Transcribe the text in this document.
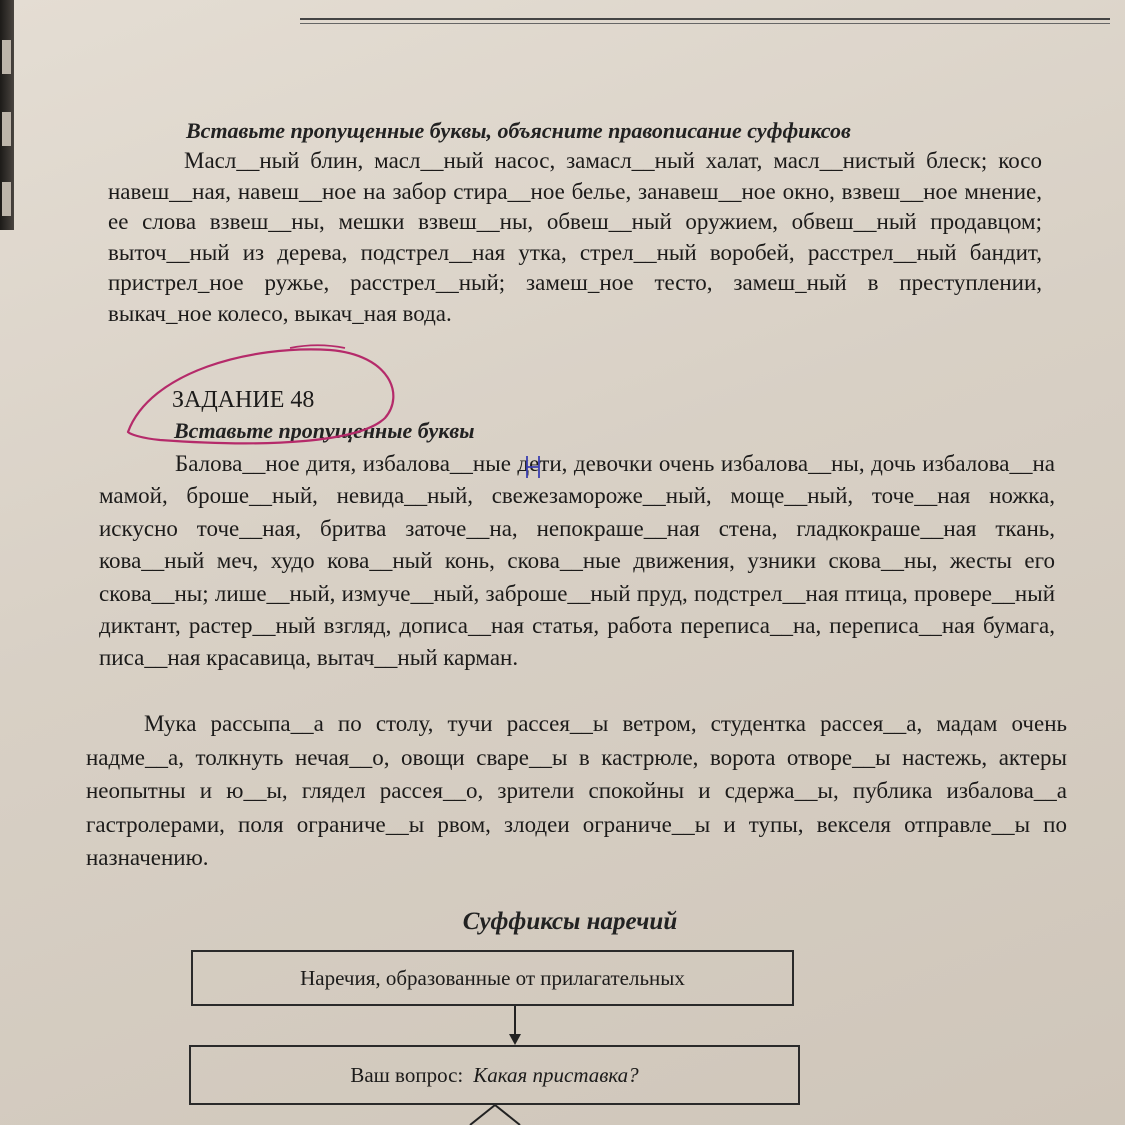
Вставьте пропущенные буквы, объясните правописание суффиксов
Масл__ный блин, масл__ный насос, замасл__ный халат, масл__нистый блеск; косо навеш__ная, навеш__ное на забор стира__ное белье, занавеш__ное окно, взвеш__ное мнение, ее слова взвеш__ны, мешки взвеш__ны, обвеш__ный оружием, обвеш__ный продавцом; выточ__ный из дерева, подстрел__ная утка, стрел__ный воробей, расстрел__ный бандит, пристрел_ное ружье, расстрел__ный; замеш_ное тесто, замеш_ный в преступлении, выкач_ное колесо, выкач_ная вода.
ЗАДАНИЕ 48
Вставьте пропущенные буквы
Балова__ное дитя, избалова__ные дети, девочки очень избалова__ны, дочь избалова__на мамой, броше__ный, невида__ный, свежезаморожe__ный, моще__ный, точе__ная ножка, искусно точе__ная, бритва заточе__на, непокраше__ная стена, гладкокраше__ная ткань, кова__ный меч, худо кова__ный конь, скова__ные движения, узники скова__ны, жесты его скова__ны; лише__ный, измуче__ный, заброше__ный пруд, подстрел__ная птица, провере__ный диктант, растер__ный взгляд, дописа__ная статья, работа переписа__на, переписа__ная бумага, писа__ная красавица, вытач__ный карман.
Мука рассыпа__а по столу, тучи рассея__ы ветром, студентка рассея__а, мадам очень надме__а, толкнуть нечая__о, овощи сваре__ы в кастрюле, ворота отворе__ы настежь, актеры неопытны и ю__ы, глядел рассея__о, зрители спокойны и сдержа__ы, публика избалова__а гастролерами, поля ограниче__ы рвом, злодеи ограниче__ы и тупы, векселя отправле__ы по назначению.
Суффиксы наречий
Наречия, образованные от прилагательных
Ваш вопрос: Какая приставка?
